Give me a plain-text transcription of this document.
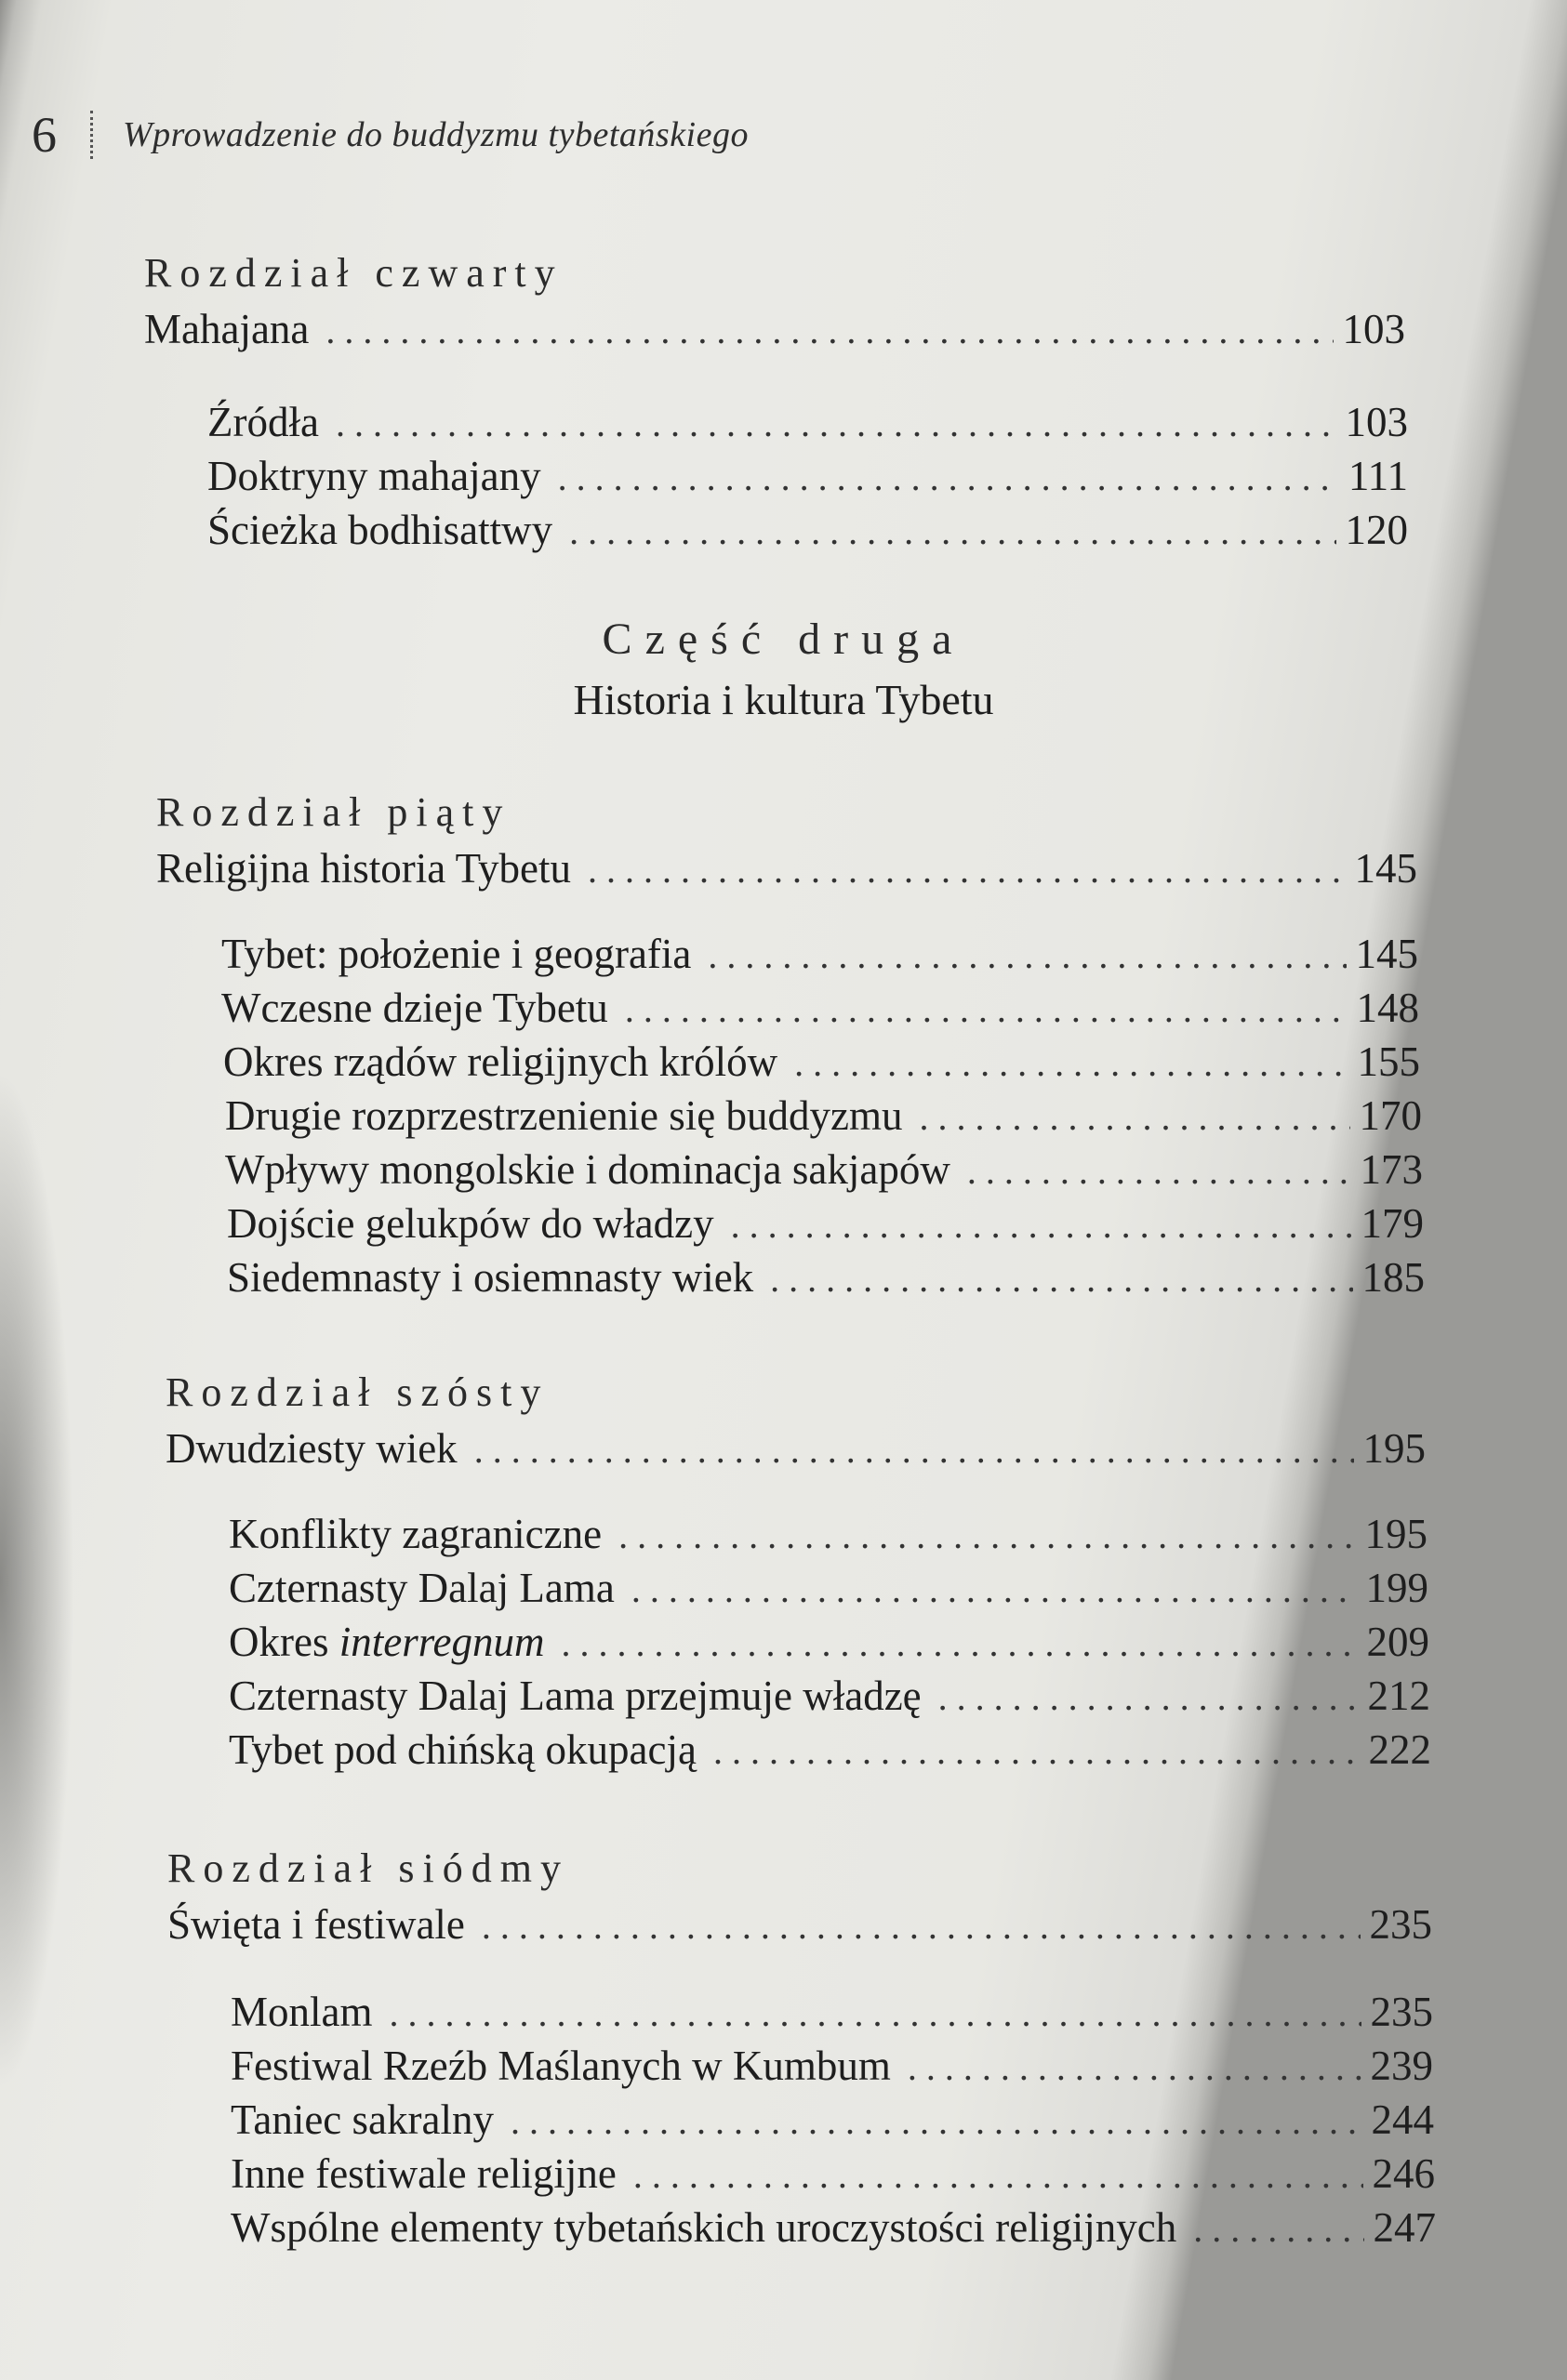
6 Wprowadzenie do buddyzmu tybetańskiego
Rozdział czwarty
Mahajana . . .	103
Źródła . . .	103
Doktryny mahajany . . .	111
Ścieżka bodhisattwy . . .	120
Część druga
Historia i kultura Tybetu
Rozdział piąty
Religijna historia Tybetu . . .	145
Tybet: położenie i geografia . . .	145
Wczesne dzieje Tybetu . . .	148
Okres rządów religijnych królów . . .	155
Drugie rozprzestrzenienie się buddyzmu . . .	170
Wpływy mongolskie i dominacja sakjapów . . .	173
Dojście gelukpów do władzy . . .	179
Siedemnasty i osiemnasty wiek . . .	185
Rozdział szósty
Dwudziesty wiek . . .	195
Konflikty zagraniczne . . .	195
Czternasty Dalaj Lama . . .	199
Okres interregnum . . .	209
Czternasty Dalaj Lama przejmuje władzę . . .	212
Tybet pod chińską okupacją . . .	222
Rozdział siódmy
Święta i festiwale . . .	235
Monlam . . .	235
Festiwal Rzeźb Maślanych w Kumbum . . .	239
Taniec sakralny . . .	244
Inne festiwale religijne . . .	246
Wspólne elementy tybetańskich uroczystości religijnych . . .	247
